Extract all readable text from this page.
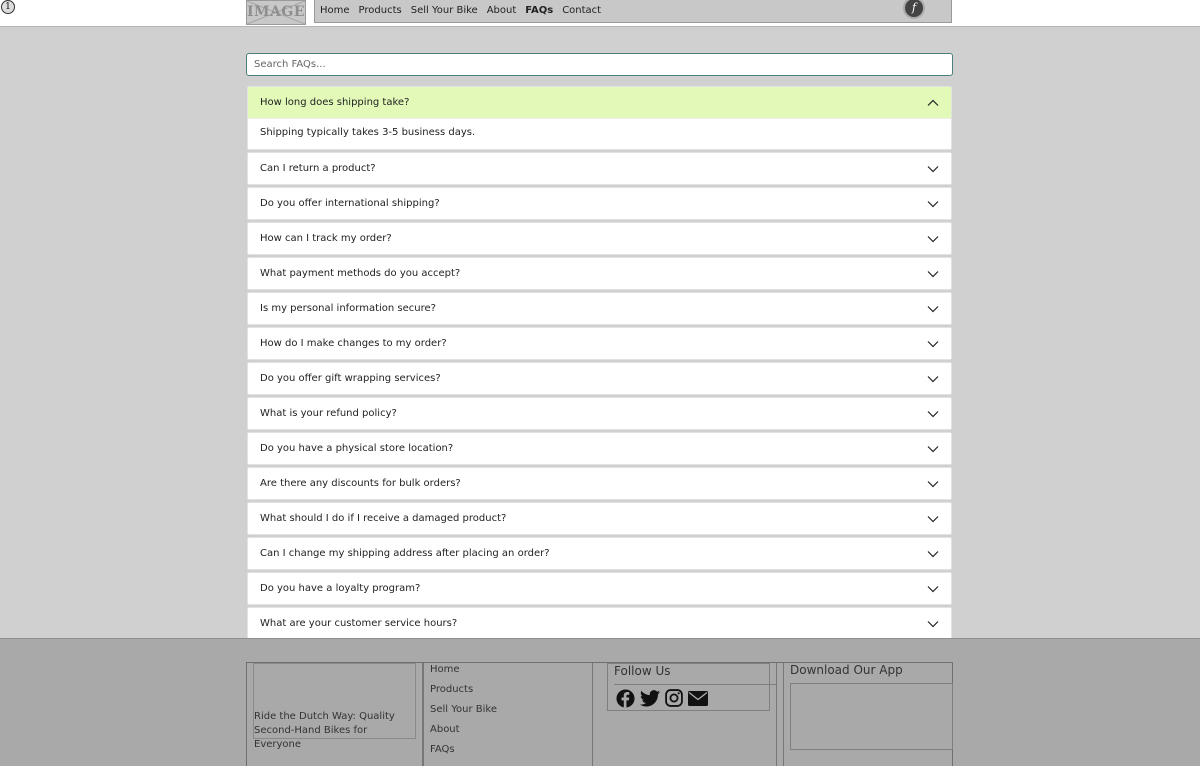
1	IMAGE Home Products Sell Your Bike About FAQs Contact	f
Search FAQs...
How long does shipping take?
Shipping typically takes 3-5 business days.
Can I return a product?
Do you offer international shipping?
How can I track my order?
What payment methods do you accept?
Is my personal information secure?
How do I make changes to my order?
Do you offer gift wrapping services?
What is your refund policy?
Do you have a physical store location?
Are there any discounts for bulk orders?
What should I do if I receive a damaged product?
Can I change my shipping address after placing an order?
Do you have a loyalty program?
What are your customer service hours?
Ride the Dutch Way: Quality Second-Hand Bikes for Everyone
Home
Products
Sell Your Bike
About
FAQs
Follow Us	Download Our App
